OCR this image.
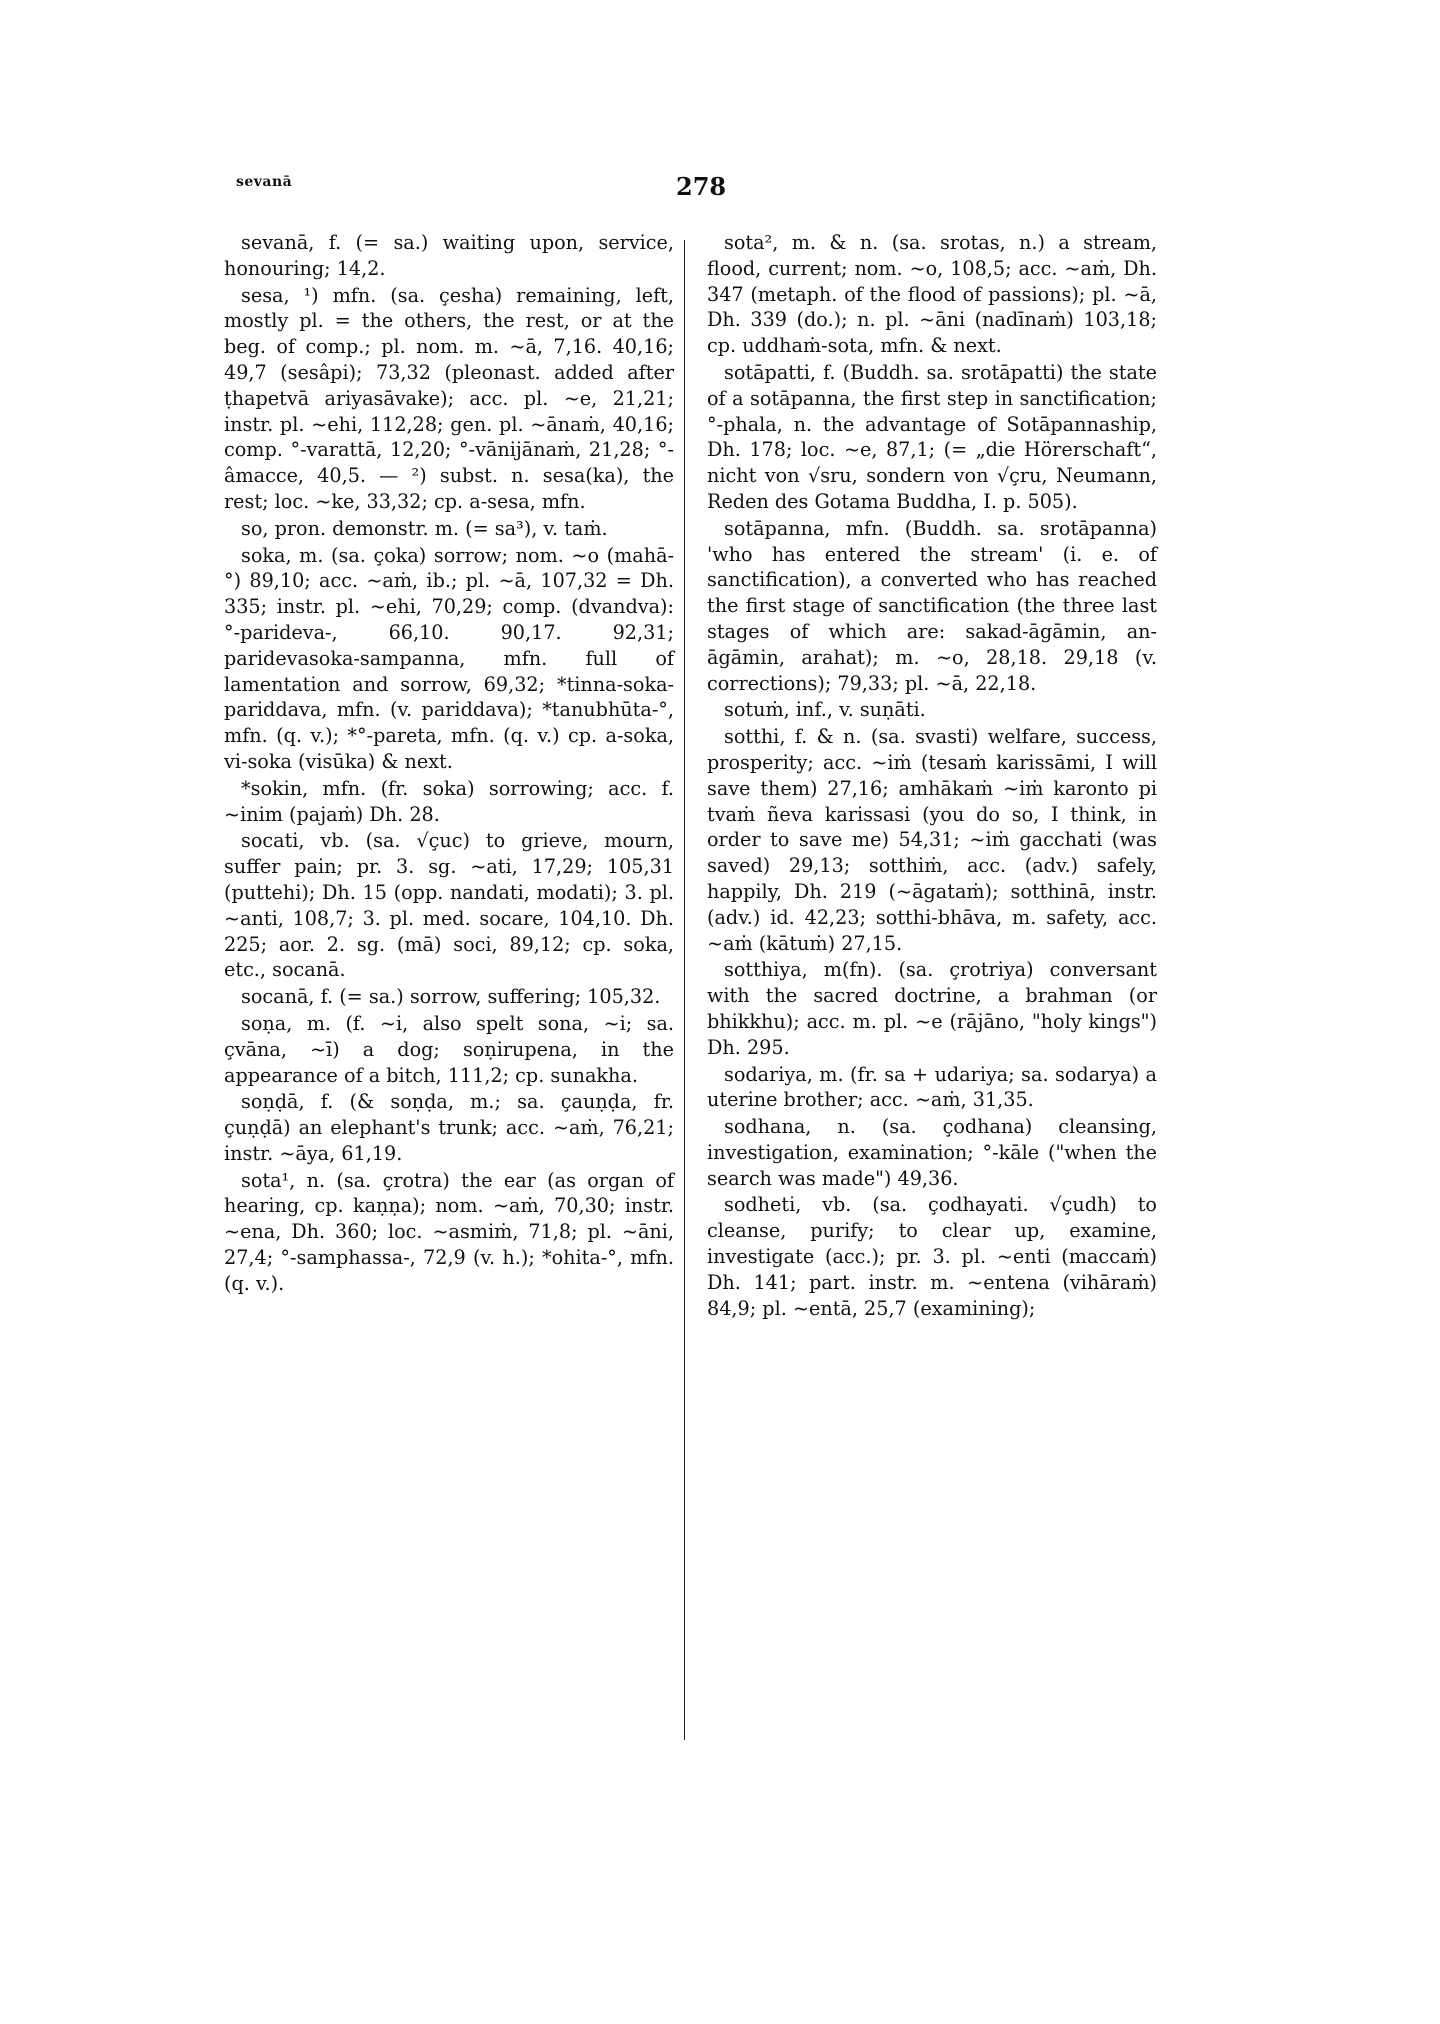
sevanā	278

sevanā, f. (= sa.) waiting upon, service, honouring; 14,2.

sesa, ¹) mfn. (sa. çesha) remaining, left, mostly pl. = the others, the rest, or at the beg. of comp.; pl. nom. m. ~ā, 7,16. 40,16; 49,7 (sesâpi); 73,32 (pleonast. added after ṭhapetvā ariyasāvake); acc. pl. ~e, 21,21; instr. pl. ~ehi, 112,28; gen. pl. ~ānaṁ, 40,16; comp. °-varattā, 12,20; °-vānijānaṁ, 21,28; °-âmacce, 40,5. — ²) subst. n. sesa(ka), the rest; loc. ~ke, 33,32; cp. a-sesa, mfn.

so, pron. demonstr. m. (= sa³), v. taṁ.

soka, m. (sa. çoka) sorrow; nom. ~o (mahā-°) 89,10; acc. ~aṁ, ib.; pl. ~ā, 107,32 = Dh. 335; instr. pl. ~ehi, 70,29; comp. (dvandva): °-parideva-, 66,10. 90,17. 92,31; paridevasoka-sampanna, mfn. full of lamentation and sorrow, 69,32; *tinna-soka-pariddava, mfn. (v. pariddava); *tanubhūta-°, mfn. (q. v.); *°-pareta, mfn. (q. v.) cp. a-soka, vi-soka (visūka) & next.

*sokin, mfn. (fr. soka) sorrowing; acc. f. ~inim (pajaṁ) Dh. 28.

socati, vb. (sa. √çuc) to grieve, mourn, suffer pain; pr. 3. sg. ~ati, 17,29; 105,31 (puttehi); Dh. 15 (opp. nandati, modati); 3. pl. ~anti, 108,7; 3. pl. med. socare, 104,10. Dh. 225; aor. 2. sg. (mā) soci, 89,12; cp. soka, etc., socanā.

socanā, f. (= sa.) sorrow, suffering; 105,32.

soṇa, m. (f. ~i, also spelt sona, ~i; sa. çvāna, ~ī) a dog; soṇirupena, in the appearance of a bitch, 111,2; cp. sunakha.

soṇḍā, f. (& soṇḍa, m.; sa. çauṇḍa, fr. çuṇḍā) an elephant's trunk; acc. ~aṁ, 76,21; instr. ~āya, 61,19.

sota¹, n. (sa. çrotra) the ear (as organ of hearing, cp. kaṇṇa); nom. ~aṁ, 70,30; instr. ~ena, Dh. 360; loc. ~asmiṁ, 71,8; pl. ~āni, 27,4; °-samphassa-, 72,9 (v. h.); *ohita-°, mfn. (q. v.).

sota², m. & n. (sa. srotas, n.) a stream, flood, current; nom. ~o, 108,5; acc. ~aṁ, Dh. 347 (metaph. of the flood of passions); pl. ~ā, Dh. 339 (do.); n. pl. ~āni (nadīnaṁ) 103,18; cp. uddhaṁ-sota, mfn. & next.

sotāpatti, f. (Buddh. sa. srotāpatti) the state of a sotāpanna, the first step in sanctification; °-phala, n. the advantage of Sotāpannaship, Dh. 178; loc. ~e, 87,1; (= „die Hörerschaft“, nicht von √sru, sondern von √çru, Neumann, Reden des Gotama Buddha, I. p. 505).

sotāpanna, mfn. (Buddh. sa. srotāpanna) 'who has entered the stream' (i. e. of sanctification), a converted who has reached the first stage of sanctification (the three last stages of which are: sakad-āgāmin, an-āgāmin, arahat); m. ~o, 28,18. 29,18 (v. corrections); 79,33; pl. ~ā, 22,18.

sotuṁ, inf., v. suṇāti.

sotthi, f. & n. (sa. svasti) welfare, success, prosperity; acc. ~iṁ (tesaṁ karissāmi, I will save them) 27,16; amhākaṁ ~iṁ karonto pi tvaṁ ñeva karissasi (you do so, I think, in order to save me) 54,31; ~iṁ gacchati (was saved) 29,13; sotthiṁ, acc. (adv.) safely, happily, Dh. 219 (~āgataṁ); sotthinā, instr. (adv.) id. 42,23; sotthi-bhāva, m. safety, acc. ~aṁ (kātuṁ) 27,15.

sotthiya, m(fn). (sa. çrotriya) conversant with the sacred doctrine, a brahman (or bhikkhu); acc. m. pl. ~e (rājāno, "holy kings") Dh. 295.

sodariya, m. (fr. sa + udariya; sa. sodarya) a uterine brother; acc. ~aṁ, 31,35.

sodhana, n. (sa. çodhana) cleansing, investigation, examination; °-kāle ("when the search was made") 49,36.

sodheti, vb. (sa. çodhayati. √çudh) to cleanse, purify; to clear up, examine, investigate (acc.); pr. 3. pl. ~enti (maccaṁ) Dh. 141; part. instr. m. ~entena (vihāraṁ) 84,9; pl. ~entā, 25,7 (examining);
